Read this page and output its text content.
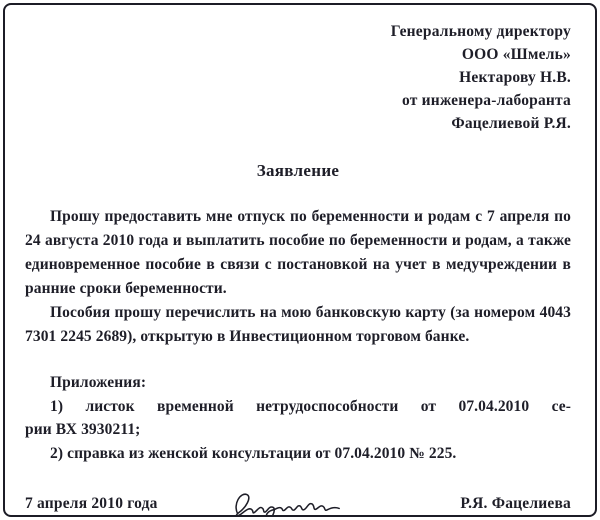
Генеральному директору
ООО «Шмель»
Нектарову Н.В.
от инженера-лаборанта
Фацелиевой Р.Я.
Заявление
Прошу предоставить мне отпуск по беременности и родам с 7 апреля по 24 августа 2010 года и выплатить пособие по беременности и родам, а также единовременное пособие в связи с постановкой на учет в медучреждении в ранние сроки беременности.
Пособия прошу перечислить на мою банковскую карту (за номером 4043 7301 2245 2689), открытую в Инвестиционном торговом банке.
Приложения:
1) листок временной нетрудоспособности от 07.04.2010 се-
рии ВХ 3930211;
2) справка из женской консультации от 07.04.2010 № 225.
7 апреля 2010 года	Р.Я. Фацелиева
